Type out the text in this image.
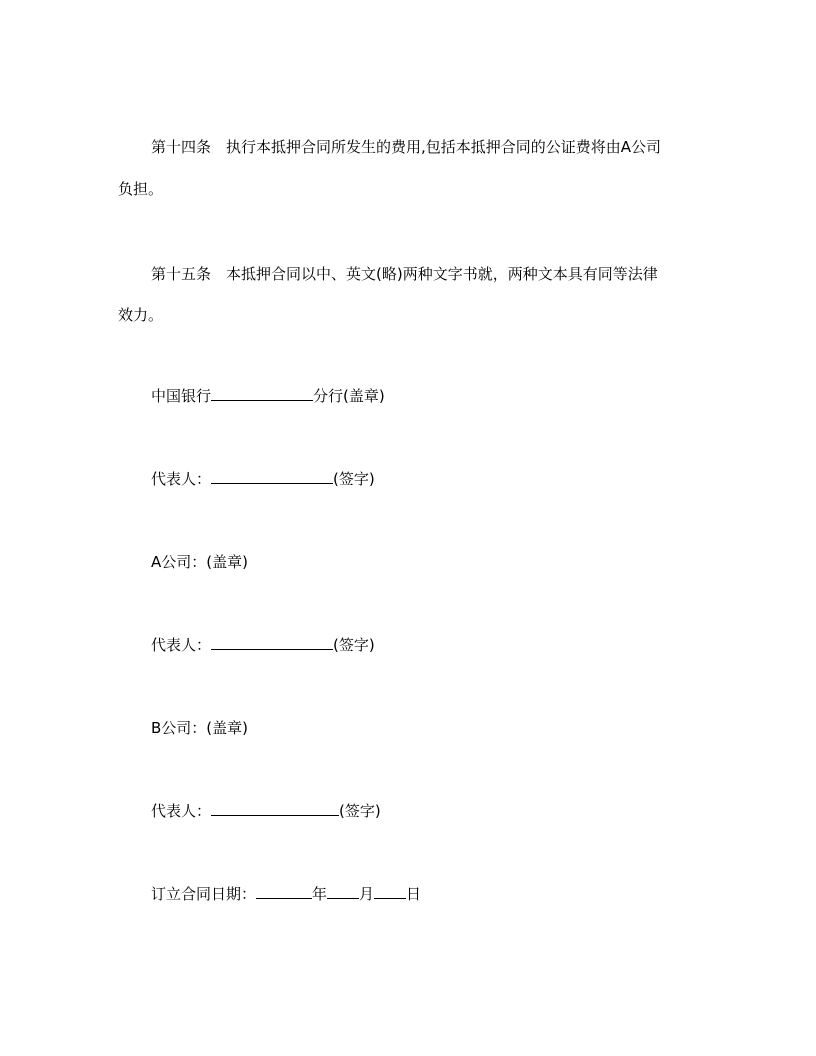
第十四条　执行本抵押合同所发生的费用,包括本抵押合同的公证费将由A公司
负担。
第十五条　本抵押合同以中、英文(略)两种文字书就，两种文本具有同等法律
效力。
中国银行	分行(盖章)
代表人：	(签字)
A公司：(盖章)
代表人：	(签字)
B公司：(盖章)
代表人：	(签字)
订立合同日期：	年 月 日
